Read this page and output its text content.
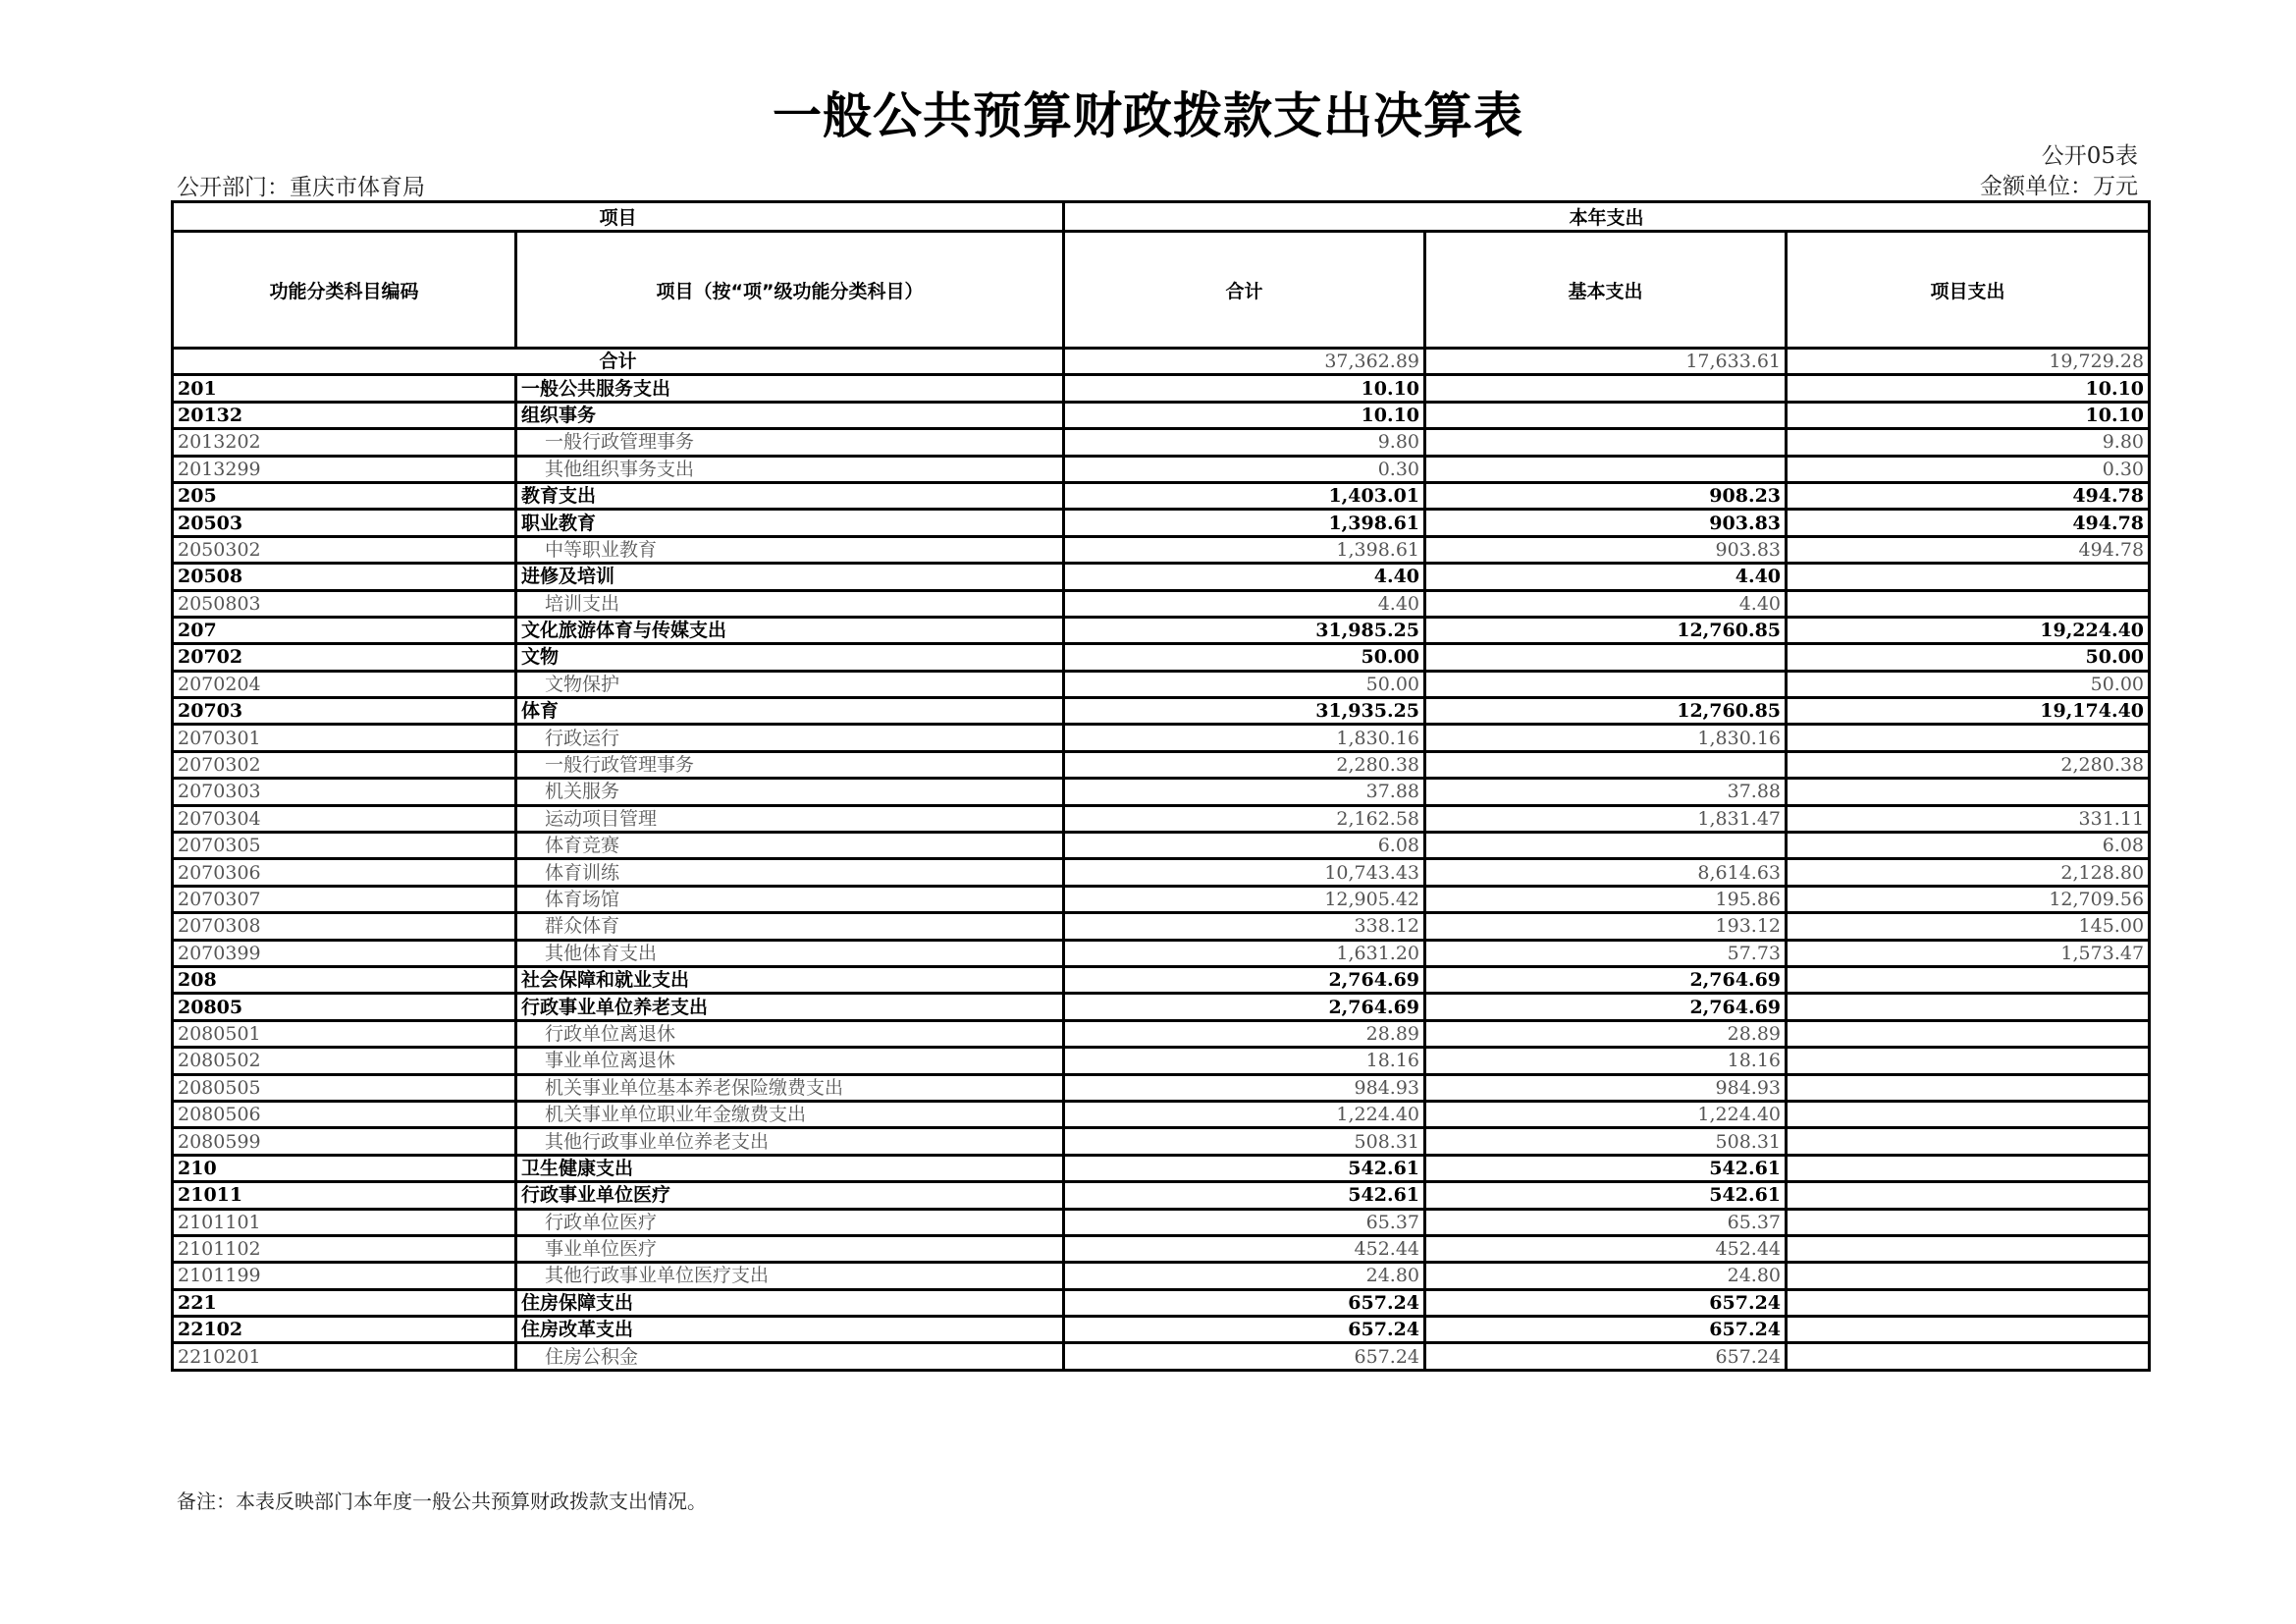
一般公共预算财政拨款支出决算表
公开05表
公开部门：重庆市体育局	金额单位：万元
项目		本年支出		
功能分类科目编码	项目（按“项”级功能分类科目）	合计	基本支出	项目支出
合计		37,362.89	17,633.61	19,729.28
201	一般公共服务支出	10.10		10.10
20132	组织事务	10.10		10.10
2013202	一般行政管理事务	9.80		9.80
2013299	其他组织事务支出	0.30		0.30
205	教育支出	1,403.01	908.23	494.78
20503	职业教育	1,398.61	903.83	494.78
2050302	中等职业教育	1,398.61	903.83	494.78
20508	进修及培训	4.40	4.40	
2050803	培训支出	4.40	4.40	
207	文化旅游体育与传媒支出	31,985.25	12,760.85	19,224.40
20702	文物	50.00		50.00
2070204	文物保护	50.00		50.00
20703	体育	31,935.25	12,760.85	19,174.40
2070301	行政运行	1,830.16	1,830.16	
2070302	一般行政管理事务	2,280.38		2,280.38
2070303	机关服务	37.88	37.88	
2070304	运动项目管理	2,162.58	1,831.47	331.11
2070305	体育竞赛	6.08		6.08
2070306	体育训练	10,743.43	8,614.63	2,128.80
2070307	体育场馆	12,905.42	195.86	12,709.56
2070308	群众体育	338.12	193.12	145.00
2070399	其他体育支出	1,631.20	57.73	1,573.47
208	社会保障和就业支出	2,764.69	2,764.69	
20805	行政事业单位养老支出	2,764.69	2,764.69	
2080501	行政单位离退休	28.89	28.89	
2080502	事业单位离退休	18.16	18.16	
2080505	机关事业单位基本养老保险缴费支出	984.93	984.93	
2080506	机关事业单位职业年金缴费支出	1,224.40	1,224.40	
2080599	其他行政事业单位养老支出	508.31	508.31	
210	卫生健康支出	542.61	542.61	
21011	行政事业单位医疗	542.61	542.61	
2101101	行政单位医疗	65.37	65.37	
2101102	事业单位医疗	452.44	452.44	
2101199	其他行政事业单位医疗支出	24.80	24.80	
221	住房保障支出	657.24	657.24	
22102	住房改革支出	657.24	657.24	
2210201	住房公积金	657.24	657.24	
备注：本表反映部门本年度一般公共预算财政拨款支出情况。
